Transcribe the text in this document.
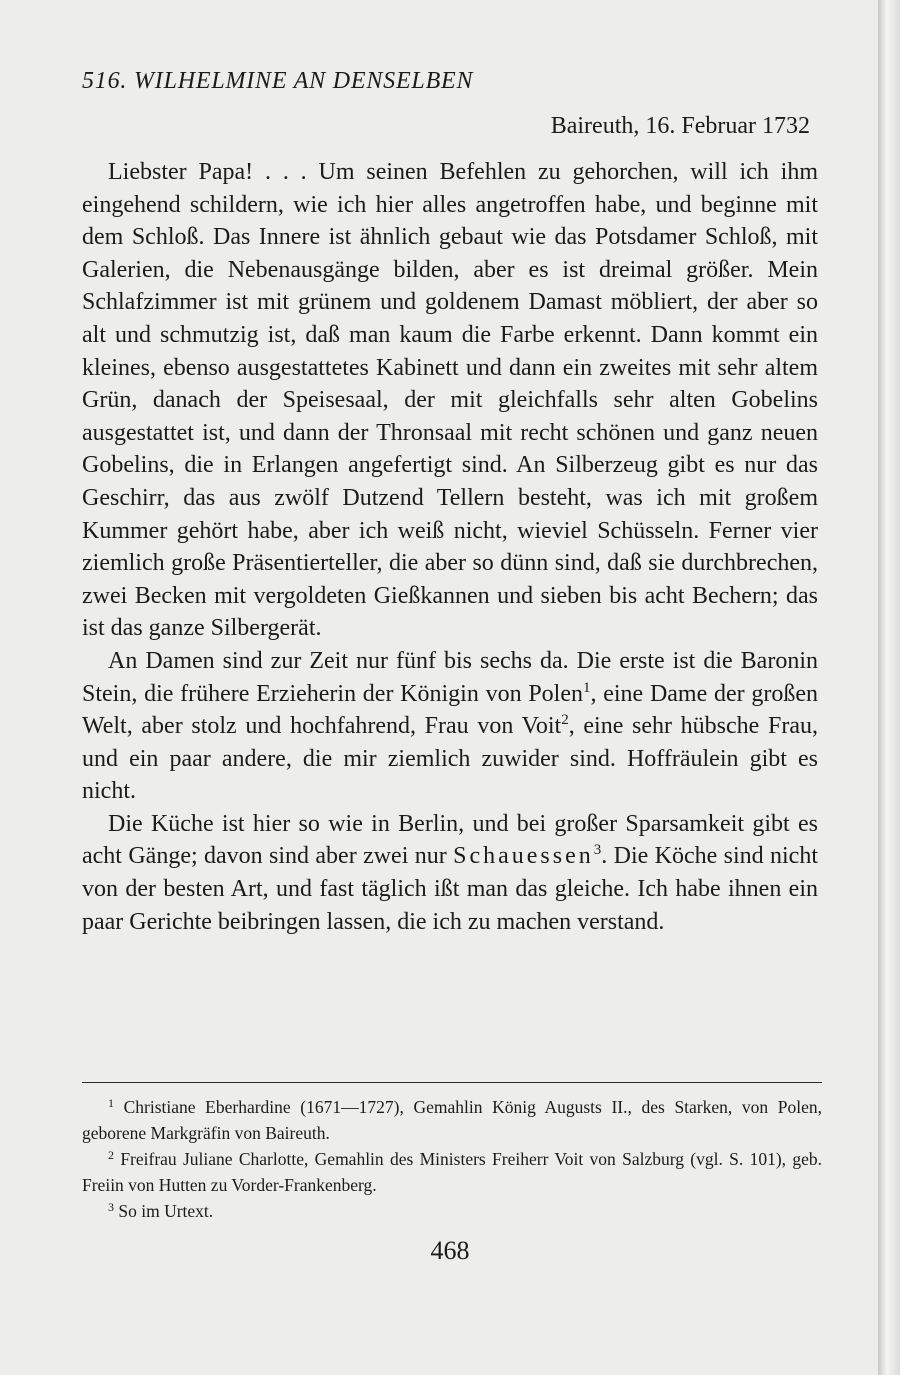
516. WILHELMINE AN DENSELBEN
Baireuth, 16. Februar 1732

Liebster Papa! . . . Um seinen Befehlen zu gehorchen, will ich ihm eingehend schildern, wie ich hier alles angetroffen habe, und beginne mit dem Schloß. Das Innere ist ähnlich gebaut wie das Potsdamer Schloß, mit Galerien, die Nebenausgänge bilden, aber es ist dreimal größer. Mein Schlafzimmer ist mit grünem und goldenem Damast möbliert, der aber so alt und schmutzig ist, daß man kaum die Farbe erkennt. Dann kommt ein kleines, ebenso ausgestattetes Kabinett und dann ein zweites mit sehr altem Grün, danach der Speisesaal, der mit gleichfalls sehr alten Gobelins ausgestattet ist, und dann der Thronsaal mit recht schönen und ganz neuen Gobelins, die in Erlangen angefertigt sind. An Silberzeug gibt es nur das Geschirr, das aus zwölf Dutzend Tellern besteht, was ich mit großem Kummer gehört habe, aber ich weiß nicht, wieviel Schüsseln. Ferner vier ziemlich große Präsentierteller, die aber so dünn sind, daß sie durchbrechen, zwei Becken mit vergoldeten Gießkannen und sieben bis acht Bechern; das ist das ganze Silbergerät.

An Damen sind zur Zeit nur fünf bis sechs da. Die erste ist die Baronin Stein, die frühere Erzieherin der Königin von Polen$^1$, eine Dame der großen Welt, aber stolz und hochfahrend, Frau von Voit$^2$, eine sehr hübsche Frau, und ein paar andere, die mir ziemlich zuwider sind. Hoffräulein gibt es nicht.

Die Küche ist hier so wie in Berlin, und bei großer Sparsamkeit gibt es acht Gänge; davon sind aber zwei nur Schauessen$^3$. Die Köche sind nicht von der besten Art, und fast täglich ißt man das gleiche. Ich habe ihnen ein paar Gerichte beibringen lassen, die ich zu machen verstand.

$^1$ Christiane Eberhardine (1671—1727), Gemahlin König Augusts II., des Starken, von Polen, geborene Markgräfin von Baireuth.

$^2$ Freifrau Juliane Charlotte, Gemahlin des Ministers Freiherr Voit von Salzburg (vgl. S. 101), geb. Freiin von Hutten zu Vorder-Frankenberg.

$^3$ So im Urtext.

468
